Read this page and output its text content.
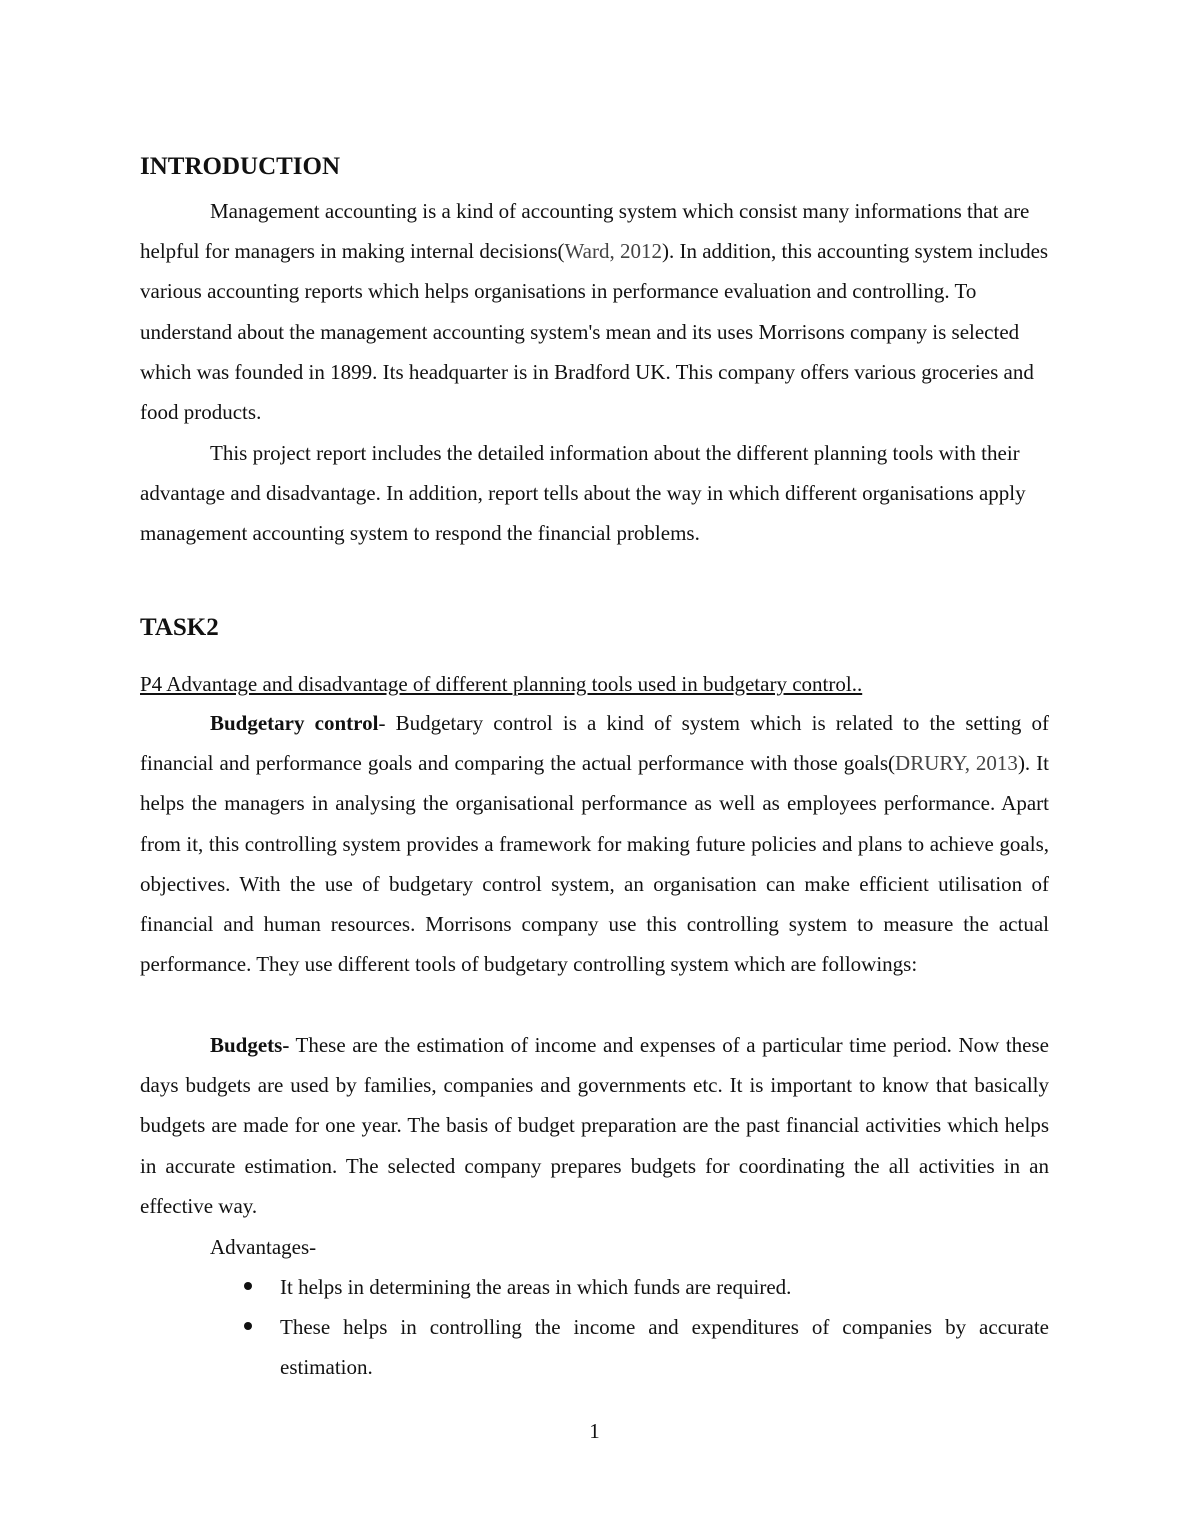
INTRODUCTION

Management accounting is a kind of accounting system which consist many informations that are helpful for managers in making internal decisions(Ward, 2012). In addition, this accounting system includes various accounting reports which helps organisations in performance evaluation and controlling. To understand about the management accounting system's mean and its uses Morrisons company is selected which was founded in 1899. Its headquarter is in Bradford UK. This company offers various groceries and food products.

This project report includes the detailed information about the different planning tools with their advantage and disadvantage. In addition, report tells about the way in which different organisations apply management accounting system to respond the financial problems.

TASK2

P4 Advantage and disadvantage of different planning tools used in budgetary control..

Budgetary control- Budgetary control is a kind of system which is related to the setting of financial and performance goals and comparing the actual performance with those goals(DRURY, 2013). It helps the managers in analysing the organisational performance as well as employees performance. Apart from it, this controlling system provides a framework for making future policies and plans to achieve goals, objectives. With the use of budgetary control system, an organisation can make efficient utilisation of financial and human resources. Morrisons company use this controlling system to measure the actual performance. They use different tools of budgetary controlling system which are followings:

Budgets- These are the estimation of income and expenses of a particular time period. Now these days budgets are used by families, companies and governments etc. It is important to know that basically budgets are made for one year. The basis of budget preparation are the past financial activities which helps in accurate estimation. The selected company prepares budgets for coordinating the all activities in an effective way.

Advantages-

It helps in determining the areas in which funds are required.
These helps in controlling the income and expenditures of companies by accurate estimation.

1
